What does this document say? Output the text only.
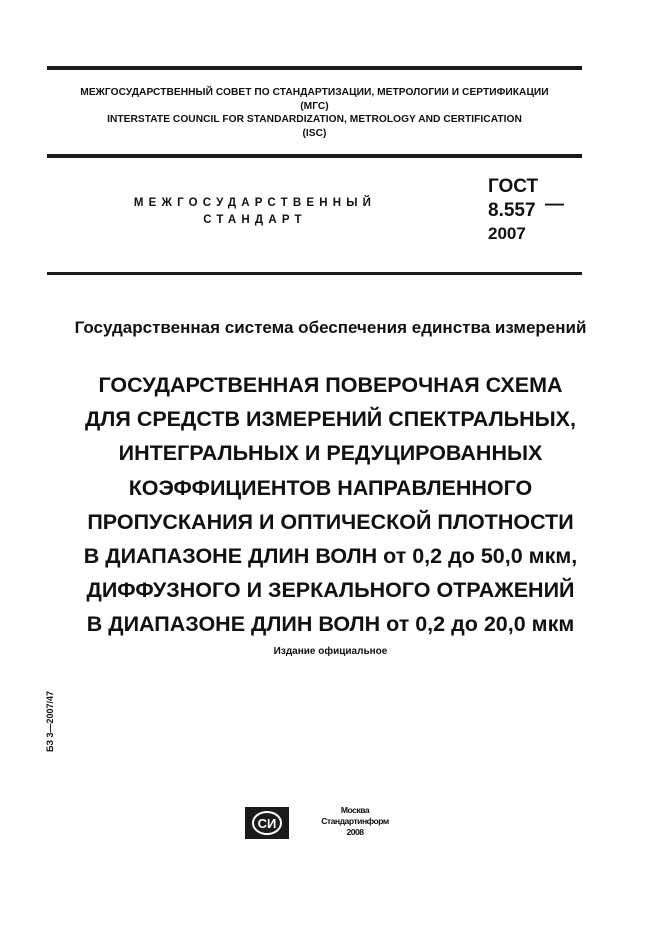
МЕЖГОСУДАРСТВЕННЫЙ СОВЕТ ПО СТАНДАРТИЗАЦИИ, МЕТРОЛОГИИ И СЕРТИФИКАЦИИ
(МГС)
INTERSTATE COUNCIL FOR STANDARDIZATION, METROLOGY AND CERTIFICATION
(ISC)
МЕЖГОСУДАРСТВЕННЫЙ
СТАНДАРТ
ГОСТ
8.557 —
2007
Государственная система обеспечения единства измерений
ГОСУДАРСТВЕННАЯ ПОВЕРОЧНАЯ СХЕМА
ДЛЯ СРЕДСТВ ИЗМЕРЕНИЙ СПЕКТРАЛЬНЫХ,
ИНТЕГРАЛЬНЫХ И РЕДУЦИРОВАННЫХ
КОЭФФИЦИЕНТОВ НАПРАВЛЕННОГО
ПРОПУСКАНИЯ И ОПТИЧЕСКОЙ ПЛОТНОСТИ
В ДИАПАЗОНЕ ДЛИН ВОЛН от 0,2 до 50,0 мкм,
ДИФФУЗНОГО И ЗЕРКАЛЬНОГО ОТРАЖЕНИЙ
В ДИАПАЗОНЕ ДЛИН ВОЛН от 0,2 до 20,0 мкм
Издание официальное
БЗ 3—2007/47
СИ
Москва
Стандартинформ
2008
